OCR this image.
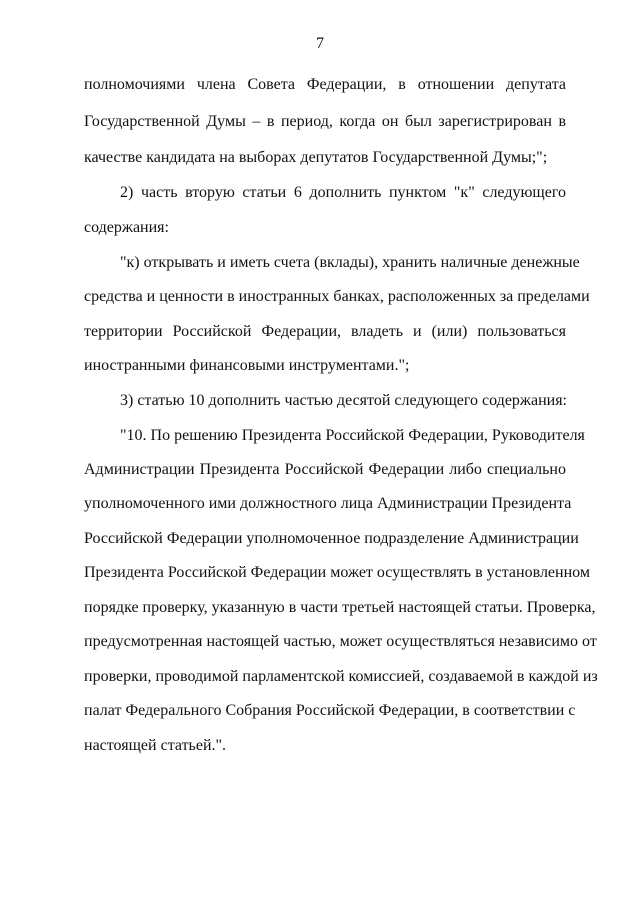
7
полномочиями члена Совета Федерации, в отношении депутата
Государственной Думы – в период, когда он был зарегистрирован в
качестве кандидата на выборах депутатов Государственной Думы;";
2) часть вторую статьи 6 дополнить пунктом "к" следующего
содержания:
"к) открывать и иметь счета (вклады), хранить наличные денежные
средства и ценности в иностранных банках, расположенных за пределами
территории Российской Федерации, владеть и (или) пользоваться
иностранными финансовыми инструментами.";
3) статью 10 дополнить частью десятой следующего содержания:
"10. По решению Президента Российской Федерации, Руководителя
Администрации Президента Российской Федерации либо специально
уполномоченного ими должностного лица Администрации Президента
Российской Федерации уполномоченное подразделение Администрации
Президента Российской Федерации может осуществлять в установленном
порядке проверку, указанную в части третьей настоящей статьи. Проверка,
предусмотренная настоящей частью, может осуществляться независимо от
проверки, проводимой парламентской комиссией, создаваемой в каждой из
палат Федерального Собрания Российской Федерации, в соответствии с
настоящей статьей.".
